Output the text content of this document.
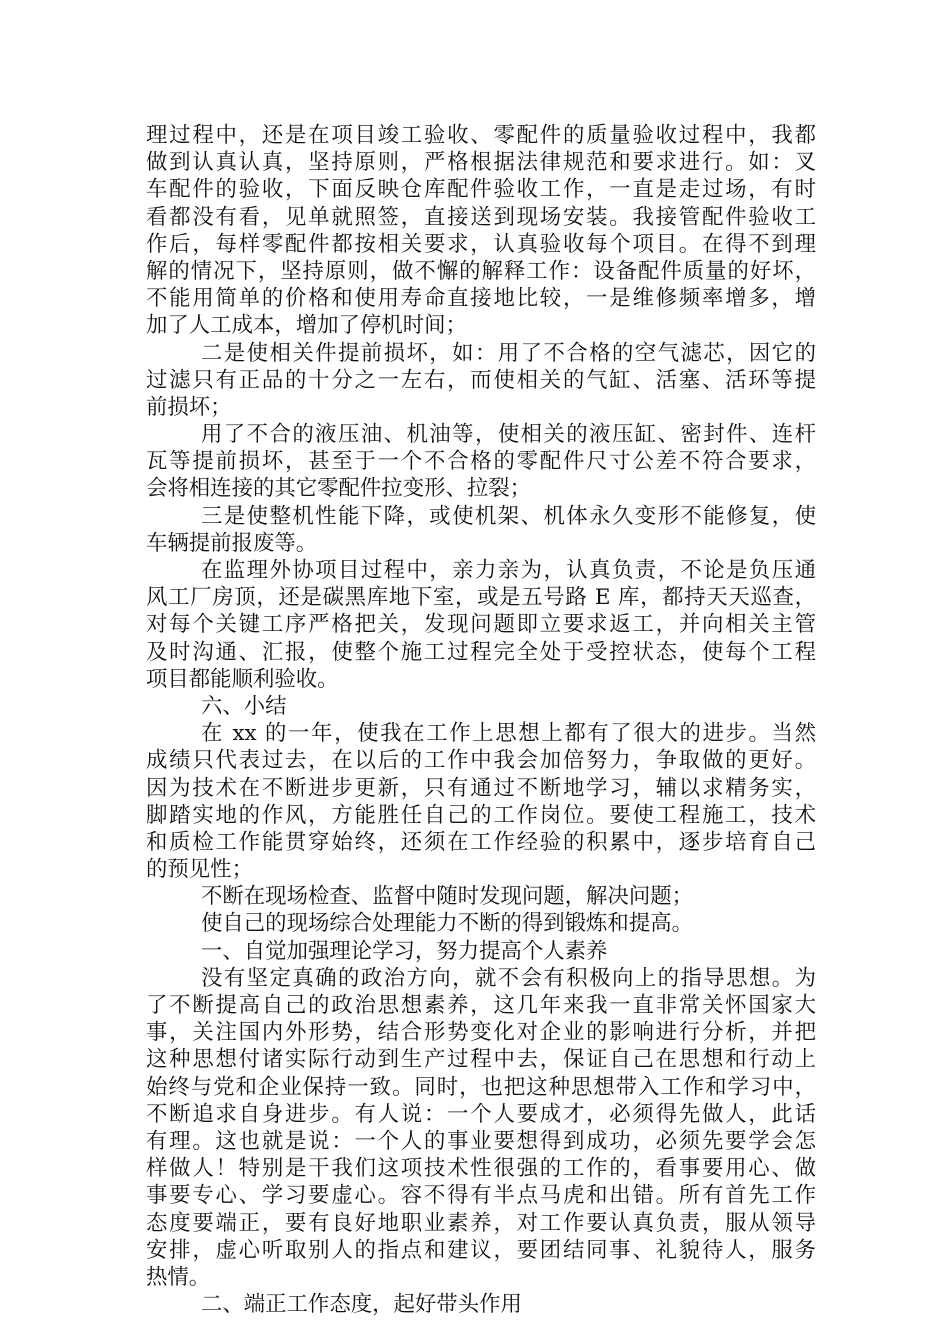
理过程中，还是在项目竣工验收、零配件的质量验收过程中，我都
做到认真认真，坚持原则，严格根据法律规范和要求进行。如：叉
车配件的验收，下面反映仓库配件验收工作，一直是走过场，有时
看都没有看，见单就照签，直接送到现场安装。我接管配件验收工
作后，每样零配件都按相关要求，认真验收每个项目。在得不到理
解的情况下，坚持原则，做不懈的解释工作：设备配件质量的好坏，
不能用简单的价格和使用寿命直接地比较，一是维修频率增多，增
加了人工成本，增加了停机时间；
二是使相关件提前损坏，如：用了不合格的空气滤芯，因它的
过滤只有正品的十分之一左右，而使相关的气缸、活塞、活环等提
前损坏；
用了不合的液压油、机油等，使相关的液压缸、密封件、连杆
瓦等提前损坏，甚至于一个不合格的零配件尺寸公差不符合要求，
会将相连接的其它零配件拉变形、拉裂；
三是使整机性能下降，或使机架、机体永久变形不能修复，使
车辆提前报废等。
在监理外协项目过程中，亲力亲为，认真负责，不论是负压通
风工厂房顶，还是碳黑库地下室，或是五号路 E 库，都持天天巡查，
对每个关键工序严格把关，发现问题即立要求返工，并向相关主管
及时沟通、汇报，使整个施工过程完全处于受控状态，使每个工程
项目都能顺利验收。
六、小结
在 xx 的一年，使我在工作上思想上都有了很大的进步。当然
成绩只代表过去，在以后的工作中我会加倍努力，争取做的更好。
因为技术在不断进步更新，只有通过不断地学习，辅以求精务实，
脚踏实地的作风，方能胜任自己的工作岗位。要使工程施工，技术
和质检工作能贯穿始终，还须在工作经验的积累中，逐步培育自己
的预见性；
不断在现场检查、监督中随时发现问题，解决问题；
使自己的现场综合处理能力不断的得到锻炼和提高。
一、自觉加强理论学习，努力提高个人素养
没有坚定真确的政治方向，就不会有积极向上的指导思想。为
了不断提高自己的政治思想素养，这几年来我一直非常关怀国家大
事，关注国内外形势，结合形势变化对企业的影响进行分析，并把
这种思想付诸实际行动到生产过程中去，保证自己在思想和行动上
始终与党和企业保持一致。同时，也把这种思想带入工作和学习中，
不断追求自身进步。有人说：一个人要成才，必须得先做人，此话
有理。这也就是说：一个人的事业要想得到成功，必须先要学会怎
样做人！特别是干我们这项技术性很强的工作的，看事要用心、做
事要专心、学习要虚心。容不得有半点马虎和出错。所有首先工作
态度要端正，要有良好地职业素养，对工作要认真负责，服从领导
安排，虚心听取别人的指点和建议，要团结同事、礼貌待人，服务
热情。
二、端正工作态度，起好带头作用
